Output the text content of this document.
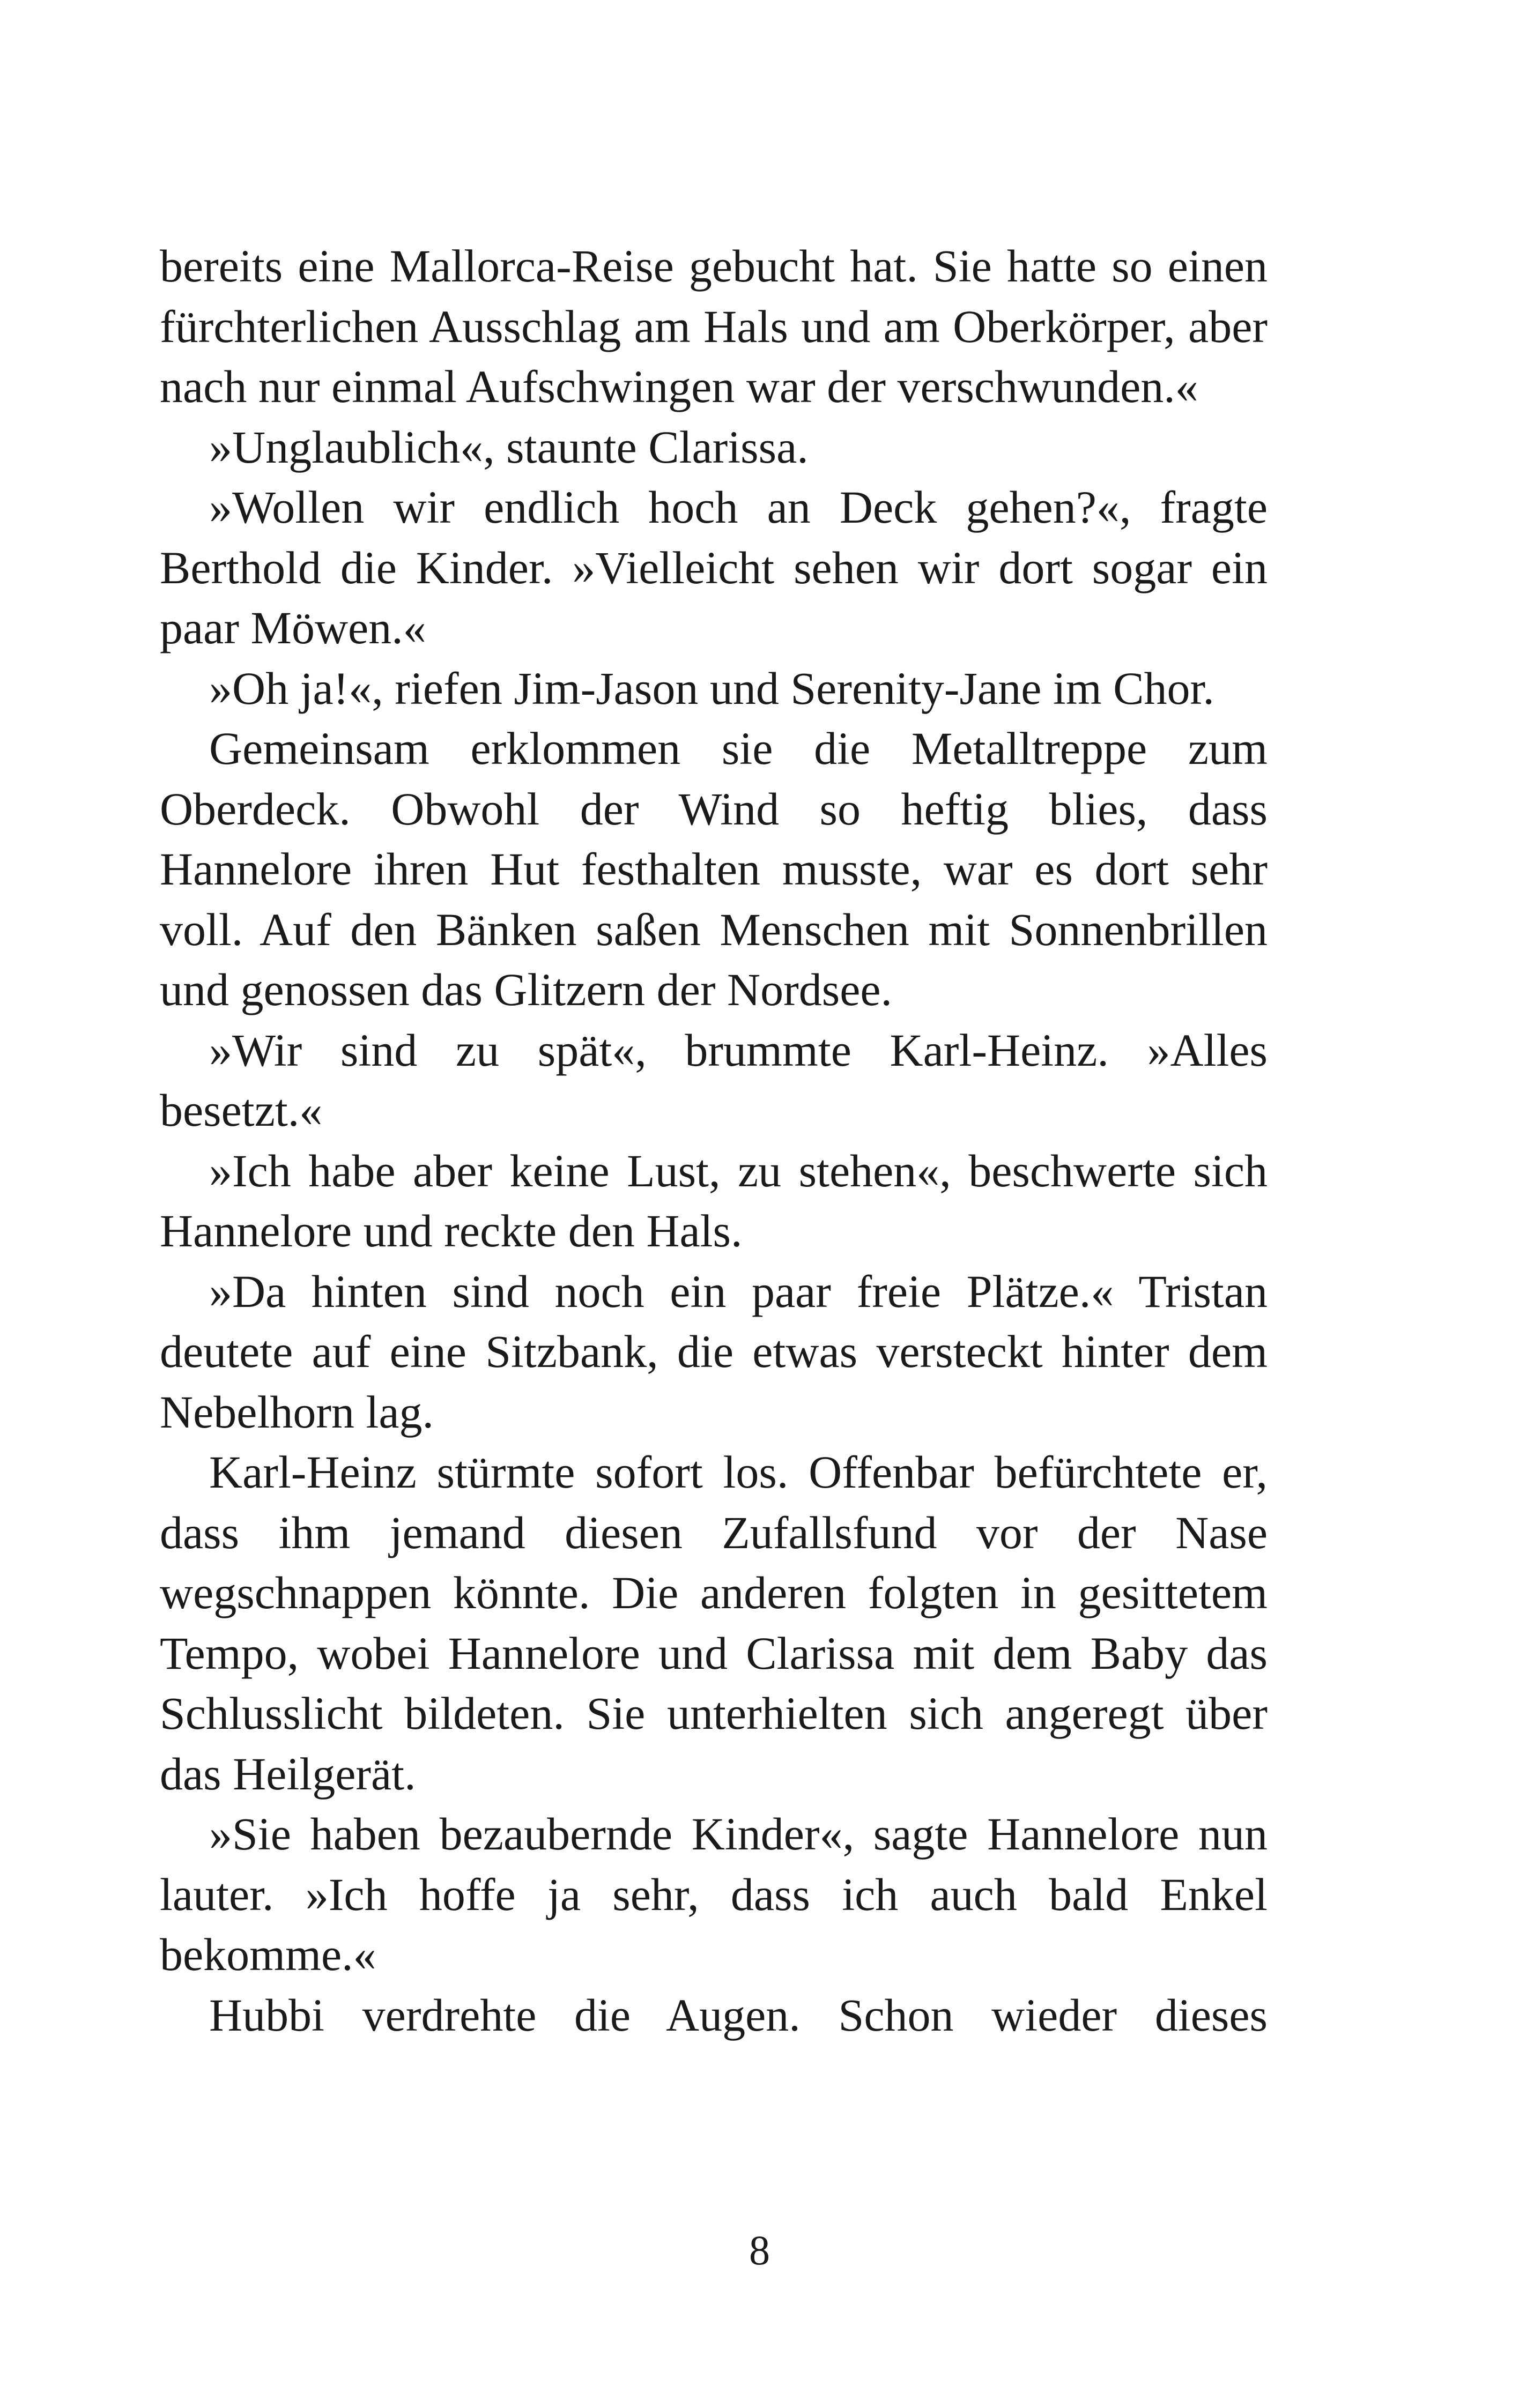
bereits eine Mallorca-Reise gebucht hat. Sie hatte so einen fürchterlichen Ausschlag am Hals und am Oberkörper, aber nach nur einmal Aufschwingen war der verschwunden.«

»Unglaublich«, staunte Clarissa.

»Wollen wir endlich hoch an Deck gehen?«, fragte Berthold die Kinder. »Vielleicht sehen wir dort sogar ein paar Möwen.«

»Oh ja!«, riefen Jim-Jason und Serenity-Jane im Chor.

Gemeinsam erklommen sie die Metalltreppe zum Oberdeck. Obwohl der Wind so heftig blies, dass Hannelore ihren Hut festhalten musste, war es dort sehr voll. Auf den Bänken saßen Menschen mit Sonnenbrillen und genossen das Glitzern der Nordsee.

»Wir sind zu spät«, brummte Karl-Heinz. »Alles besetzt.«

»Ich habe aber keine Lust, zu stehen«, beschwerte sich Hannelore und reckte den Hals.

»Da hinten sind noch ein paar freie Plätze.« Tristan deutete auf eine Sitzbank, die etwas versteckt hinter dem Nebelhorn lag.

Karl-Heinz stürmte sofort los. Offenbar befürchtete er, dass ihm jemand diesen Zufallsfund vor der Nase wegschnappen könnte. Die anderen folgten in gesittetem Tempo, wobei Hannelore und Clarissa mit dem Baby das Schlusslicht bildeten. Sie unterhielten sich angeregt über das Heilgerät.

»Sie haben bezaubernde Kinder«, sagte Hannelore nun lauter. »Ich hoffe ja sehr, dass ich auch bald Enkel bekomme.«

Hubbi verdrehte die Augen. Schon wieder dieses

8
